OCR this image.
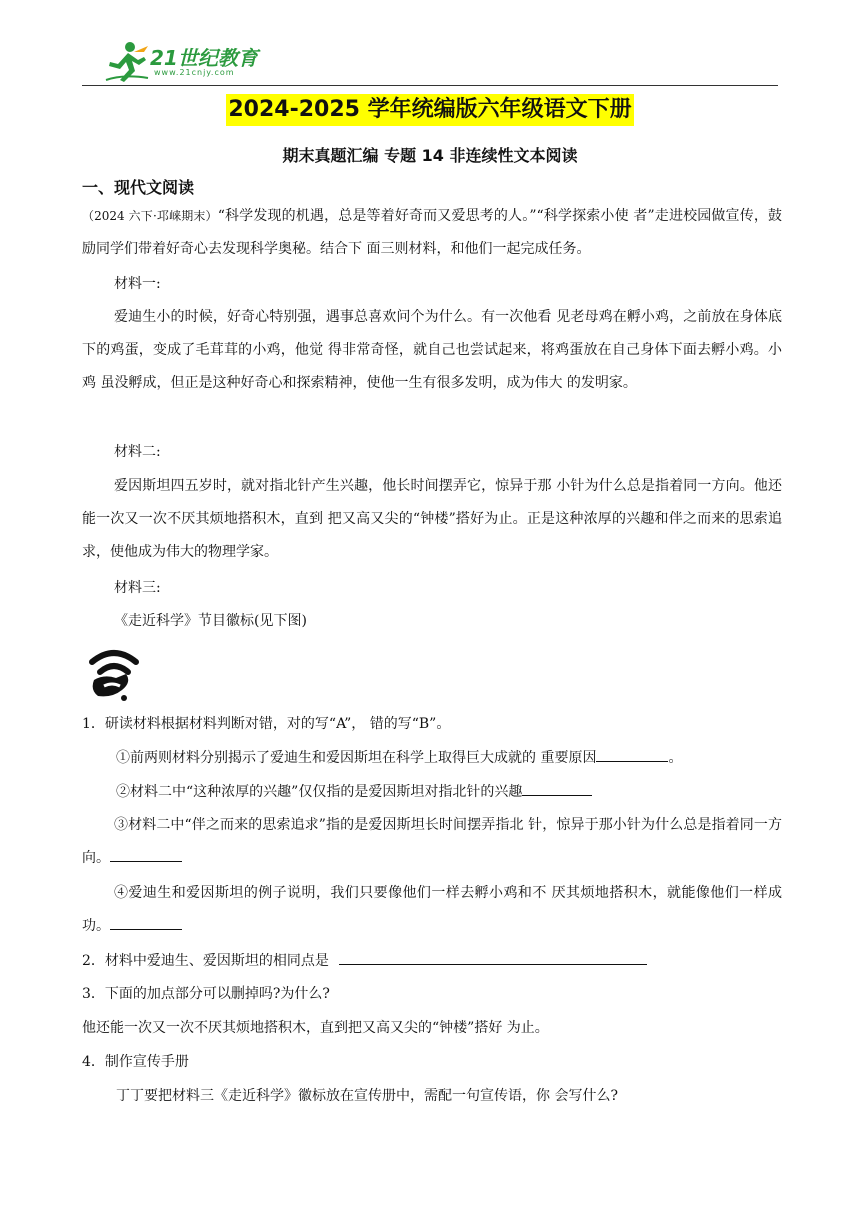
21世纪教育
www.21cnjy.com
2024-2025 学年统编版六年级语文下册
期末真题汇编 专题 14 非连续性文本阅读
一、现代文阅读

（2024 六下·邛崃期末）“科学发现的机遇，总是等着好奇而又爱思考的人。”“科学探索小使 者”走进校园做宣传，鼓励同学们带着好奇心去发现科学奥秘。结合下 面三则材料，和他们一起完成任务。

材料一:

爱迪生小的时候，好奇心特别强，遇事总喜欢问个为什么。有一次他看 见老母鸡在孵小鸡，之前放在身体底下的鸡蛋，变成了毛茸茸的小鸡，他觉 得非常奇怪，就自己也尝试起来，将鸡蛋放在自己身体下面去孵小鸡。小鸡 虽没孵成，但正是这种好奇心和探索精神，使他一生有很多发明，成为伟大 的发明家。

材料二:

爱因斯坦四五岁时，就对指北针产生兴趣，他长时间摆弄它，惊异于那 小针为什么总是指着同一方向。他还能一次又一次不厌其烦地搭积木，直到 把又高又尖的“钟楼”搭好为止。正是这种浓厚的兴趣和伴之而来的思索追 求，使他成为伟大的物理学家。

材料三:

《走近科学》节目徽标(见下图)

1．研读材料根据材料判断对错，对的写“A”， 错的写“B”。
①前两则材料分别揭示了爱迪生和爱因斯坦在科学上取得巨大成就的 重要原因	。
②材料二中“这种浓厚的兴趣”仅仅指的是爱因斯坦对指北针的兴趣

③材料二中“伴之而来的思索追求”指的是爱因斯坦长时间摆弄指北 针，惊异于那小针为什么总是指着同一方向。

④爱迪生和爱因斯坦的例子说明，我们只要像他们一样去孵小鸡和不 厌其烦地搭积木，就能像他们一样成功。

2．材料中爱迪生、爱因斯坦的相同点是
3．下面的加点部分可以删掉吗?为什么?
他还能一次又一次不厌其烦地搭积木，直到把又高又尖的“钟楼”搭好 为止。
4．制作宣传手册
丁丁要把材料三《走近科学》徽标放在宣传册中，需配一句宣传语，你 会写什么?
